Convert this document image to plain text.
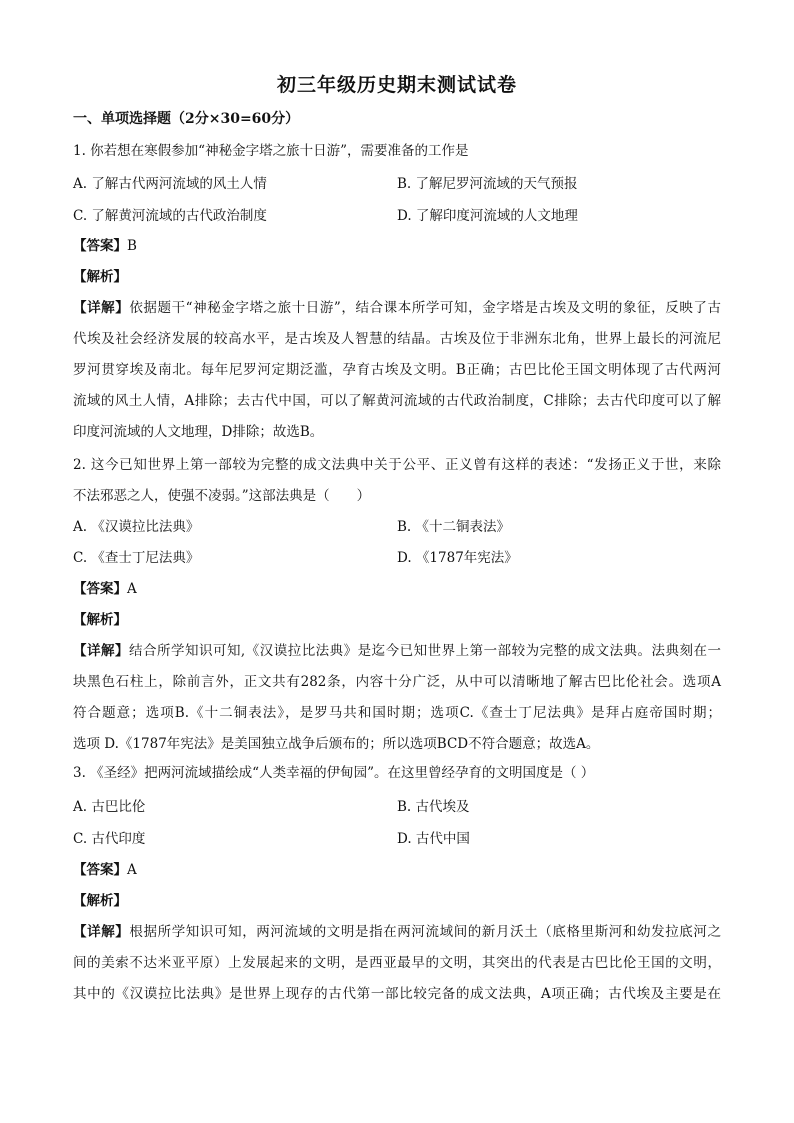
初三年级历史期末测试试卷
一、单项选择题（2分×30=60分）
1. 你若想在寒假参加“神秘金字塔之旅十日游”，需要准备的工作是
A. 了解古代两河流域的风土人情	B. 了解尼罗河流域的天气预报
C. 了解黄河流域的古代政治制度	D. 了解印度河流域的人文地理
【答案】B
【解析】
【详解】依据题干“神秘金字塔之旅十日游”，结合课本所学可知，金字塔是古埃及文明的象征，反映了古
代埃及社会经济发展的较高水平，是古埃及人智慧的结晶。古埃及位于非洲东北角，世界上最长的河流尼
罗河贯穿埃及南北。每年尼罗河定期泛滥，孕育古埃及文明。B正确；古巴比伦王国文明体现了古代两河
流域的风土人情，A排除；去古代中国，可以了解黄河流域的古代政治制度，C排除；去古代印度可以了解
印度河流域的人文地理，D排除；故选B。
2. 这今已知世界上第一部较为完整的成文法典中关于公平、正义曾有这样的表述：“发扬正义于世，来除
不法邪恶之人，使强不凌弱。”这部法典是（　　）
A. 《汉谟拉比法典》	B. 《十二铜表法》
C. 《查士丁尼法典》	D. 《1787年宪法》
【答案】A
【解析】
【详解】结合所学知识可知,《汉谟拉比法典》是迄今已知世界上第一部较为完整的成文法典。法典刻在一
块黑色石柱上，除前言外，正文共有282条，内容十分广泛，从中可以清晰地了解古巴比伦社会。选项A
符合题意；选项B.《十二铜表法》，是罗马共和国时期；选项C.《查士丁尼法典》是拜占庭帝国时期；
选项 D.《1787年宪法》是美国独立战争后颁布的；所以选项BCD不符合题意；故选A。
3. 《圣经》把两河流域描绘成“人类幸福的伊甸园”。在这里曾经孕育的文明国度是（ ）
A. 古巴比伦	B. 古代埃及
C. 古代印度	D. 古代中国
【答案】A
【解析】
【详解】根据所学知识可知，两河流域的文明是指在两河流域间的新月沃土（底格里斯河和幼发拉底河之
间的美索不达米亚平原）上发展起来的文明，是西亚最早的文明，其突出的代表是古巴比伦王国的文明，
其中的《汉谟拉比法典》是世界上现存的古代第一部比较完备的成文法典，A项正确；古代埃及主要是在
